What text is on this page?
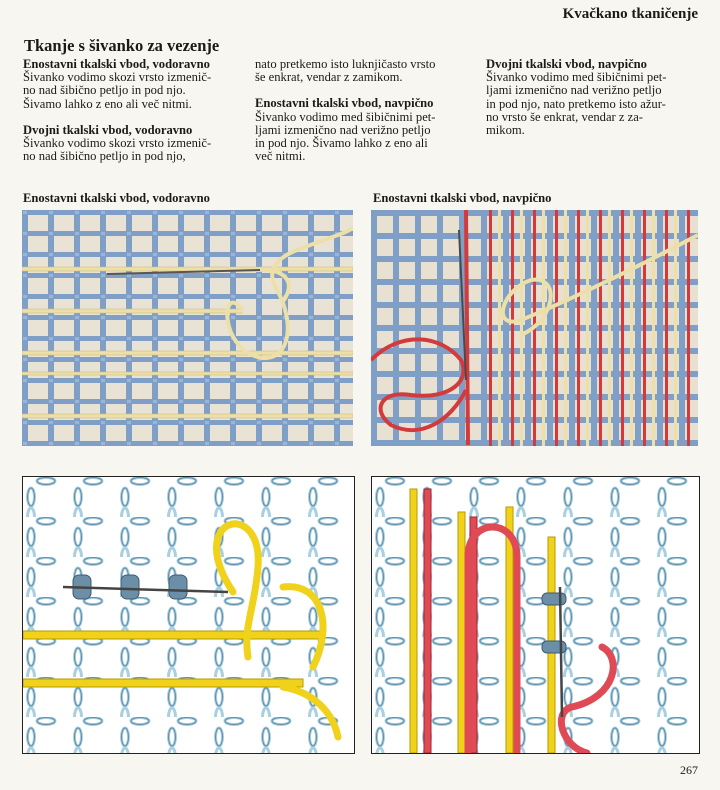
Kvačkano tkaničenje
Tkanje s šivanko za vezenje
Enostavni tkalski vbod, vodoravno
Šivanko vodimo skozi vrsto izmenič-
no nad šibično petljo in pod njo.
Šivamo lahko z eno ali več nitmi.
Dvojni tkalski vbod, vodoravno
Šivanko vodimo skozi vrsto izmenič-
no nad šibično petljo in pod njo,
nato pretkemo isto luknjičasto vrsto
še enkrat, vendar z zamikom.
Enostavni tkalski vbod, navpično
Šivanko vodimo med šibičnimi pet-
ljami izmenično nad verižno petljo
in pod njo. Šivamo lahko z eno ali
več nitmi.
Dvojni tkalski vbod, navpično
Šivanko vodimo med šibičnimi pet-
ljami izmenično nad verižno petljo
in pod njo, nato pretkemo isto ažur-
no vrsto še enkrat, vendar z za-
mikom.
Enostavni tkalski vbod, vodoravno	Enostavni tkalski vbod, navpično
267
